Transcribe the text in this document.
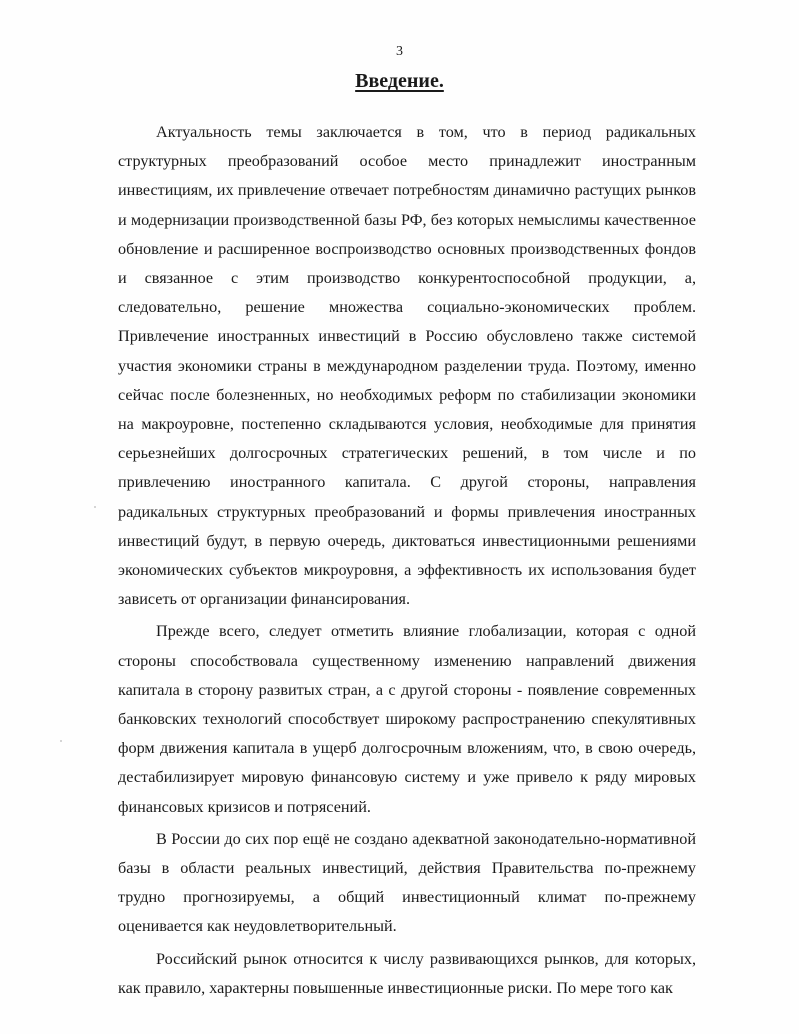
3
Введение.

Актуальность темы заключается в том, что в период радикальных структурных преобразований особое место принадлежит иностранным инвестициям, их привлечение отвечает потребностям динамично растущих рынков и модернизации производственной базы РФ, без которых немыслимы качественное обновление и расширенное воспроизводство основных производственных фондов и связанное с этим производство конкурентоспособной продукции, а, следовательно, решение множества социально-экономических проблем. Привлечение иностранных инвестиций в Россию обусловлено также системой участия экономики страны в международном разделении труда. Поэтому, именно сейчас после болезненных, но необходимых реформ по стабилизации экономики на макроуровне, постепенно складываются условия, необходимые для принятия серьезнейших долгосрочных стратегических решений, в том числе и по привлечению иностранного капитала. С другой стороны, направления радикальных структурных преобразований и формы привлечения иностранных инвестиций будут, в первую очередь, диктоваться инвестиционными решениями экономических субъектов микроуровня, а эффективность их использования будет зависеть от организации финансирования.

Прежде всего, следует отметить влияние глобализации, которая с одной стороны способствовала существенному изменению направлений движения капитала в сторону развитых стран, а с другой стороны - появление современных банковских технологий способствует широкому распространению спекулятивных форм движения капитала в ущерб долгосрочным вложениям, что, в свою очередь, дестабилизирует мировую финансовую систему и уже привело к ряду мировых финансовых кризисов и потрясений.

В России до сих пор ещё не создано адекватной законодательно-нормативной базы в области реальных инвестиций, действия Правительства по-прежнему трудно прогнозируемы, а общий инвестиционный климат по-прежнему оценивается как неудовлетворительный.

Российский рынок относится к числу развивающихся рынков, для которых, как правило, характерны повышенные инвестиционные риски. По мере того как
